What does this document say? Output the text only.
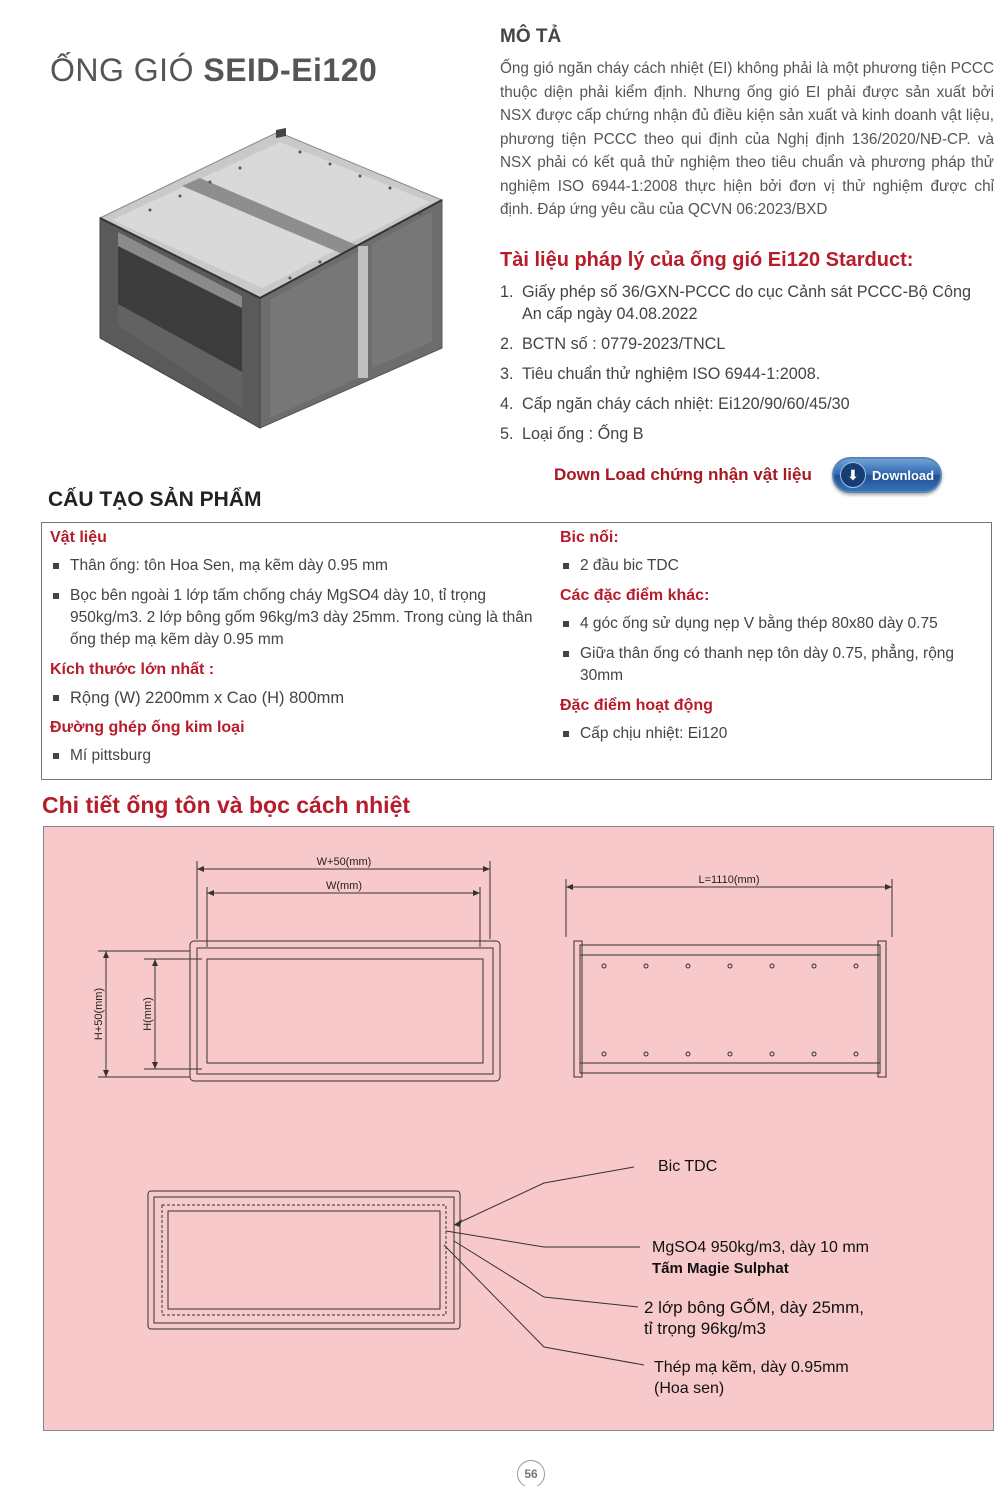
ỐNG GIÓ SEID-Ei120
MÔ TẢ

Ống gió ngăn cháy cách nhiệt (EI) không phải là một phương tiện PCCC thuộc diện phải kiểm định. Nhưng ống gió EI phải được sản xuất bởi NSX được cấp chứng nhận đủ điều kiện sản xuất và kinh doanh vật liệu, phương tiện PCCC theo qui định của Nghị định 136/2020/NĐ-CP. và NSX phải có kết quả thử nghiệm theo tiêu chuẩn và phương pháp thử nghiệm ISO 6944-1:2008 thực hiện bởi đơn vị thử nghiệm được chỉ định. Đáp ứng yêu cầu của QCVN 06:2023/BXD

Tài liệu pháp lý của ống gió Ei120 Starduct:
1. Giấy phép số 36/GXN-PCCC do cục Cảnh sát PCCC-Bộ Công An cấp ngày 04.08.2022
2. BCTN số : 0779-2023/TNCL
3. Tiêu chuẩn thử nghiệm ISO 6944-1:2008.
4. Cấp ngăn cháy cách nhiệt: Ei120/90/60/45/30
5. Loại ống : Ống B
Down Load chứng nhận vật liệu	⬇	Download
CẤU TẠO SẢN PHẨM
Vật liệu
Thân ống: tôn Hoa Sen, mạ kẽm dày 0.95 mm
Bọc bên ngoài 1 lớp tấm chống cháy MgSO4 dày 10, tỉ trọng 950kg/m3. 2 lớp bông gốm 96kg/m3 dày 25mm. Trong cùng là thân ống thép mạ kẽm dày 0.95 mm
Kích thước lớn nhất :
Rộng (W) 2200mm x Cao (H) 800mm
Đường ghép ống kim loại
Mí pittsburg
Bic nối:
2 đầu bic TDC
Các đặc điểm khác:
4 góc ống sử dụng nẹp V bằng thép 80x80 dày 0.75
Giữa thân ống có thanh nẹp tôn dày 0.75, phẳng, rộng 30mm
Đặc điểm hoạt động
Cấp chịu nhiệt: Ei120
Chi tiết ống tôn và bọc cách nhiệt
W+50(mm)
W(mm)
H+50(mm)	H(mm)
L=1110(mm)
Bic TDC
MgSO4 950kg/m3, dày 10 mm
Tấm Magie Sulphat
2 lớp bông GỐM, dày 25mm,
tỉ trọng 96kg/m3
Thép mạ kẽm, dày 0.95mm
(Hoa sen)
56
